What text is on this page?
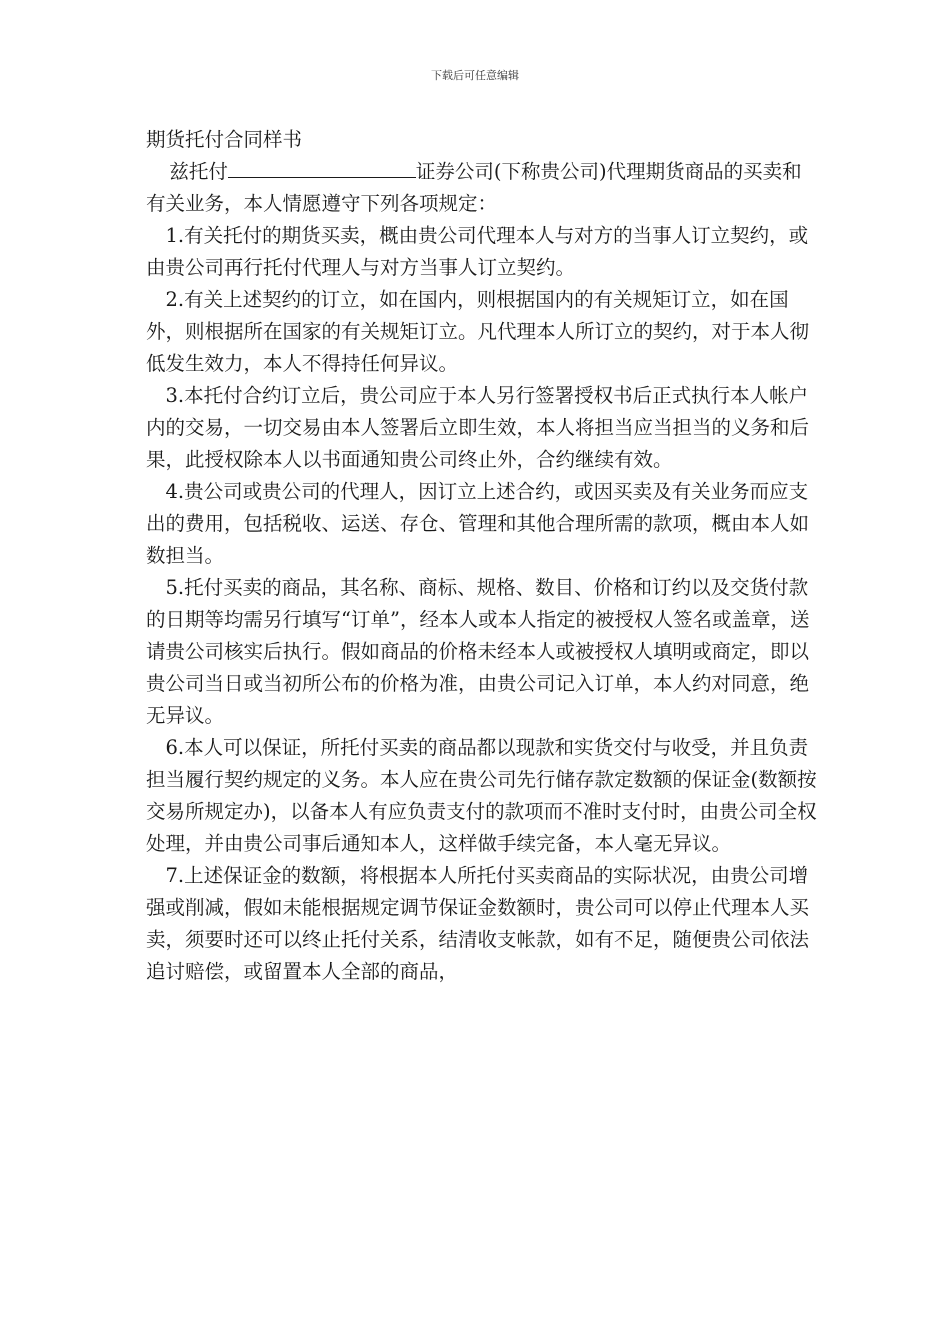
下载后可任意编辑

期货托付合同样书

兹托付	证券公司(下称贵公司)代理期货商品的买卖和有关业务，本人情愿遵守下列各项规定：

1.有关托付的期货买卖，概由贵公司代理本人与对方的当事人订立契约，或由贵公司再行托付代理人与对方当事人订立契约。

2.有关上述契约的订立，如在国内，则根据国内的有关规矩订立，如在国外，则根据所在国家的有关规矩订立。凡代理本人所订立的契约，对于本人彻低发生效力，本人不得持任何异议。

3.本托付合约订立后，贵公司应于本人另行签署授权书后正式执行本人帐户内的交易，一切交易由本人签署后立即生效，本人将担当应当担当的义务和后果，此授权除本人以书面通知贵公司终止外，合约继续有效。

4.贵公司或贵公司的代理人，因订立上述合约，或因买卖及有关业务而应支出的费用，包括税收、运送、存仓、管理和其他合理所需的款项，概由本人如数担当。

5.托付买卖的商品，其名称、商标、规格、数目、价格和订约以及交货付款的日期等均需另行填写“订单”，经本人或本人指定的被授权人签名或盖章，送请贵公司核实后执行。假如商品的价格未经本人或被授权人填明或商定，即以贵公司当日或当初所公布的价格为准，由贵公司记入订单，本人约对同意，绝无异议。

6.本人可以保证，所托付买卖的商品都以现款和实货交付与收受，并且负责担当履行契约规定的义务。本人应在贵公司先行储存款定数额的保证金(数额按交易所规定办)，以备本人有应负责支付的款项而不准时支付时，由贵公司全权处理，并由贵公司事后通知本人，这样做手续完备，本人毫无异议。

7.上述保证金的数额，将根据本人所托付买卖商品的实际状况，由贵公司增强或削减，假如未能根据规定调节保证金数额时，贵公司可以停止代理本人买卖，须要时还可以终止托付关系，结清收支帐款，如有不足，随便贵公司依法追讨赔偿，或留置本人全部的商品，
